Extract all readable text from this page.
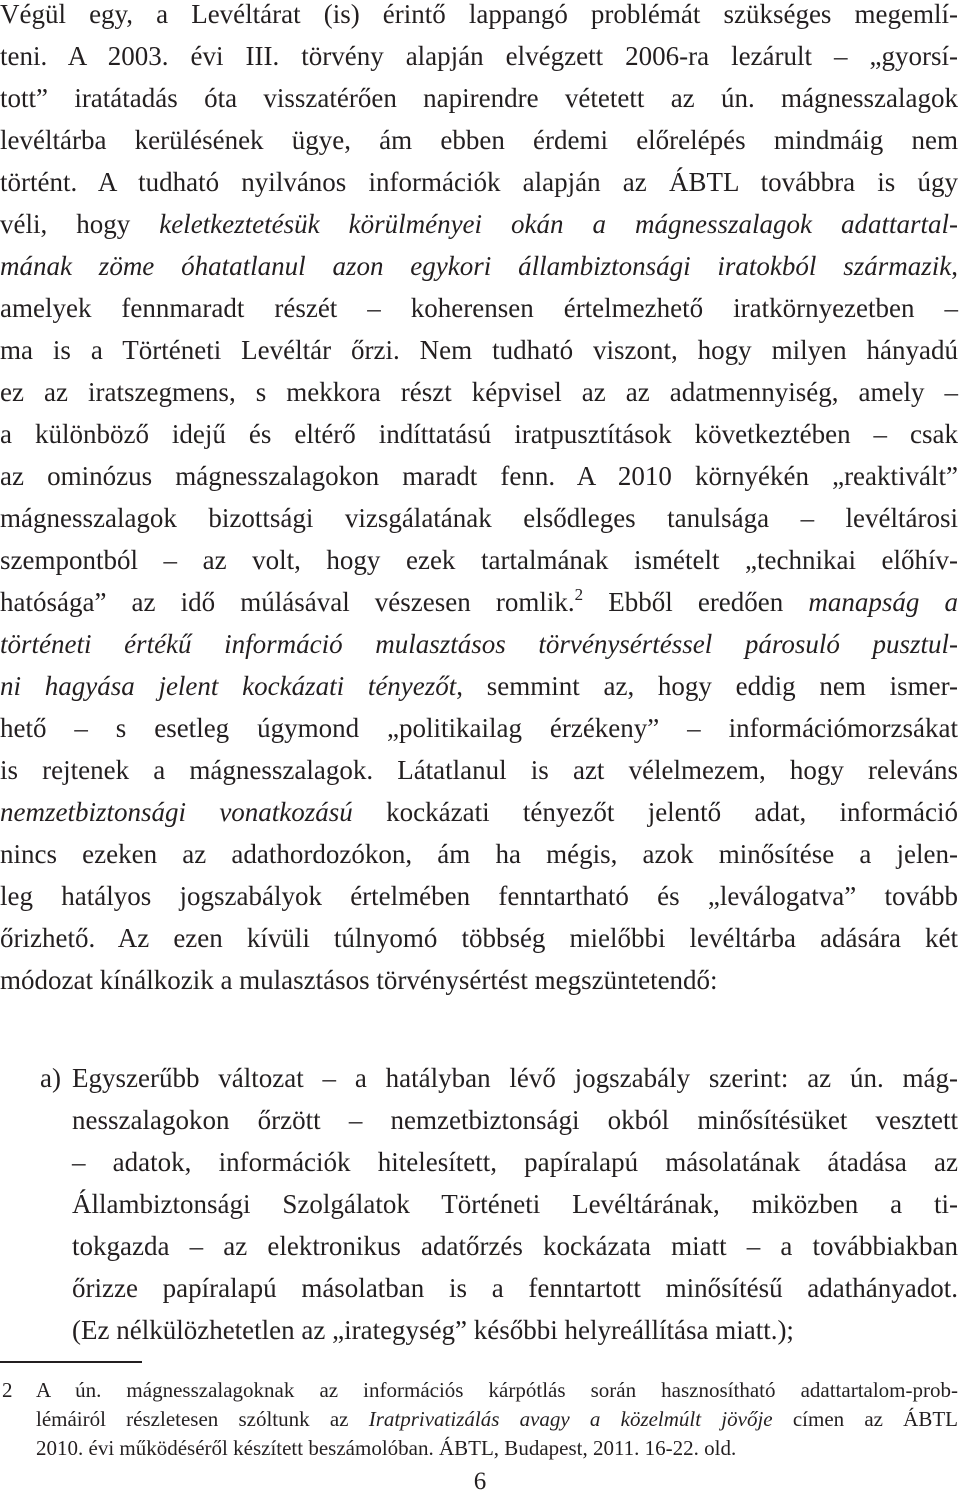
Végül egy, a Levéltárat (is) érintő lappangó problémát szükséges megemlí-
teni. A 2003. évi III. törvény alapján elvégzett 2006-ra lezárult – „gyorsí-
tott” iratátadás óta visszatérően napirendre vétetett az ún. mágnesszalagok
levéltárba kerülésének ügye, ám ebben érdemi előrelépés mindmáig nem
történt. A tudható nyilvános információk alapján az ÁBTL továbbra is úgy
véli, hogy keletkeztetésük körülményei okán a mágnesszalagok adattartal-
mának zöme óhatatlanul azon egykori állambiztonsági iratokból származik,
amelyek fennmaradt részét – koherensen értelmezhető iratkörnyezetben –
ma is a Történeti Levéltár őrzi. Nem tudható viszont, hogy milyen hányadú
ez az iratszegmens, s mekkora részt képvisel az az adatmennyiség, amely –
a különböző idejű és eltérő indíttatású iratpusztítások következtében – csak
az ominózus mágnesszalagokon maradt fenn. A 2010 környékén „reaktivált”
mágnesszalagok bizottsági vizsgálatának elsődleges tanulsága – levéltárosi
szempontból – az volt, hogy ezek tartalmának ismételt „technikai előhív-
hatósága” az idő múlásával vészesen romlik.$^2$ Ebből eredően manapság a
történeti értékű információ mulasztásos törvénysértéssel párosuló pusztul-
ni hagyása jelent kockázati tényezőt, semmint az, hogy eddig nem ismer-
hető – s esetleg úgymond „politikailag érzékeny” – információmorzsákat
is rejtenek a mágnesszalagok. Látatlanul is azt vélelmezem, hogy releváns
nemzetbiztonsági vonatkozású kockázati tényezőt jelentő adat, információ
nincs ezeken az adathordozókon, ám ha mégis, azok minősítése a jelen-
leg hatályos jogszabályok értelmében fenntartható és „leválogatva” tovább
őrizhető. Az ezen kívüli túlnyomó többség mielőbbi levéltárba adására két
módozat kínálkozik a mulasztásos törvénysértést megszüntetendő:
a) Egyszerűbb változat – a hatályban lévő jogszabály szerint: az ún. mág-
nesszalagokon őrzött – nemzetbiztonsági okból minősítésüket vesztett
– adatok, információk hitelesített, papíralapú másolatának átadása az
Állambiztonsági Szolgálatok Történeti Levéltárának, miközben a ti-
tokgazda – az elektronikus adatőrzés kockázata miatt – a továbbiakban
őrizze papíralapú másolatban is a fenntartott minősítésű adathányadot.
(Ez nélkülözhetetlen az „irategység” későbbi helyreállítása miatt.);
2 A ún. mágnesszalagoknak az információs kárpótlás során hasznosítható adattartalom-prob-
lémáiról részletesen szóltunk az Iratprivatizálás avagy a közelmúlt jövője címen az ÁBTL
2010. évi működéséről készített beszámolóban. ÁBTL, Budapest, 2011. 16-22. old.
6
